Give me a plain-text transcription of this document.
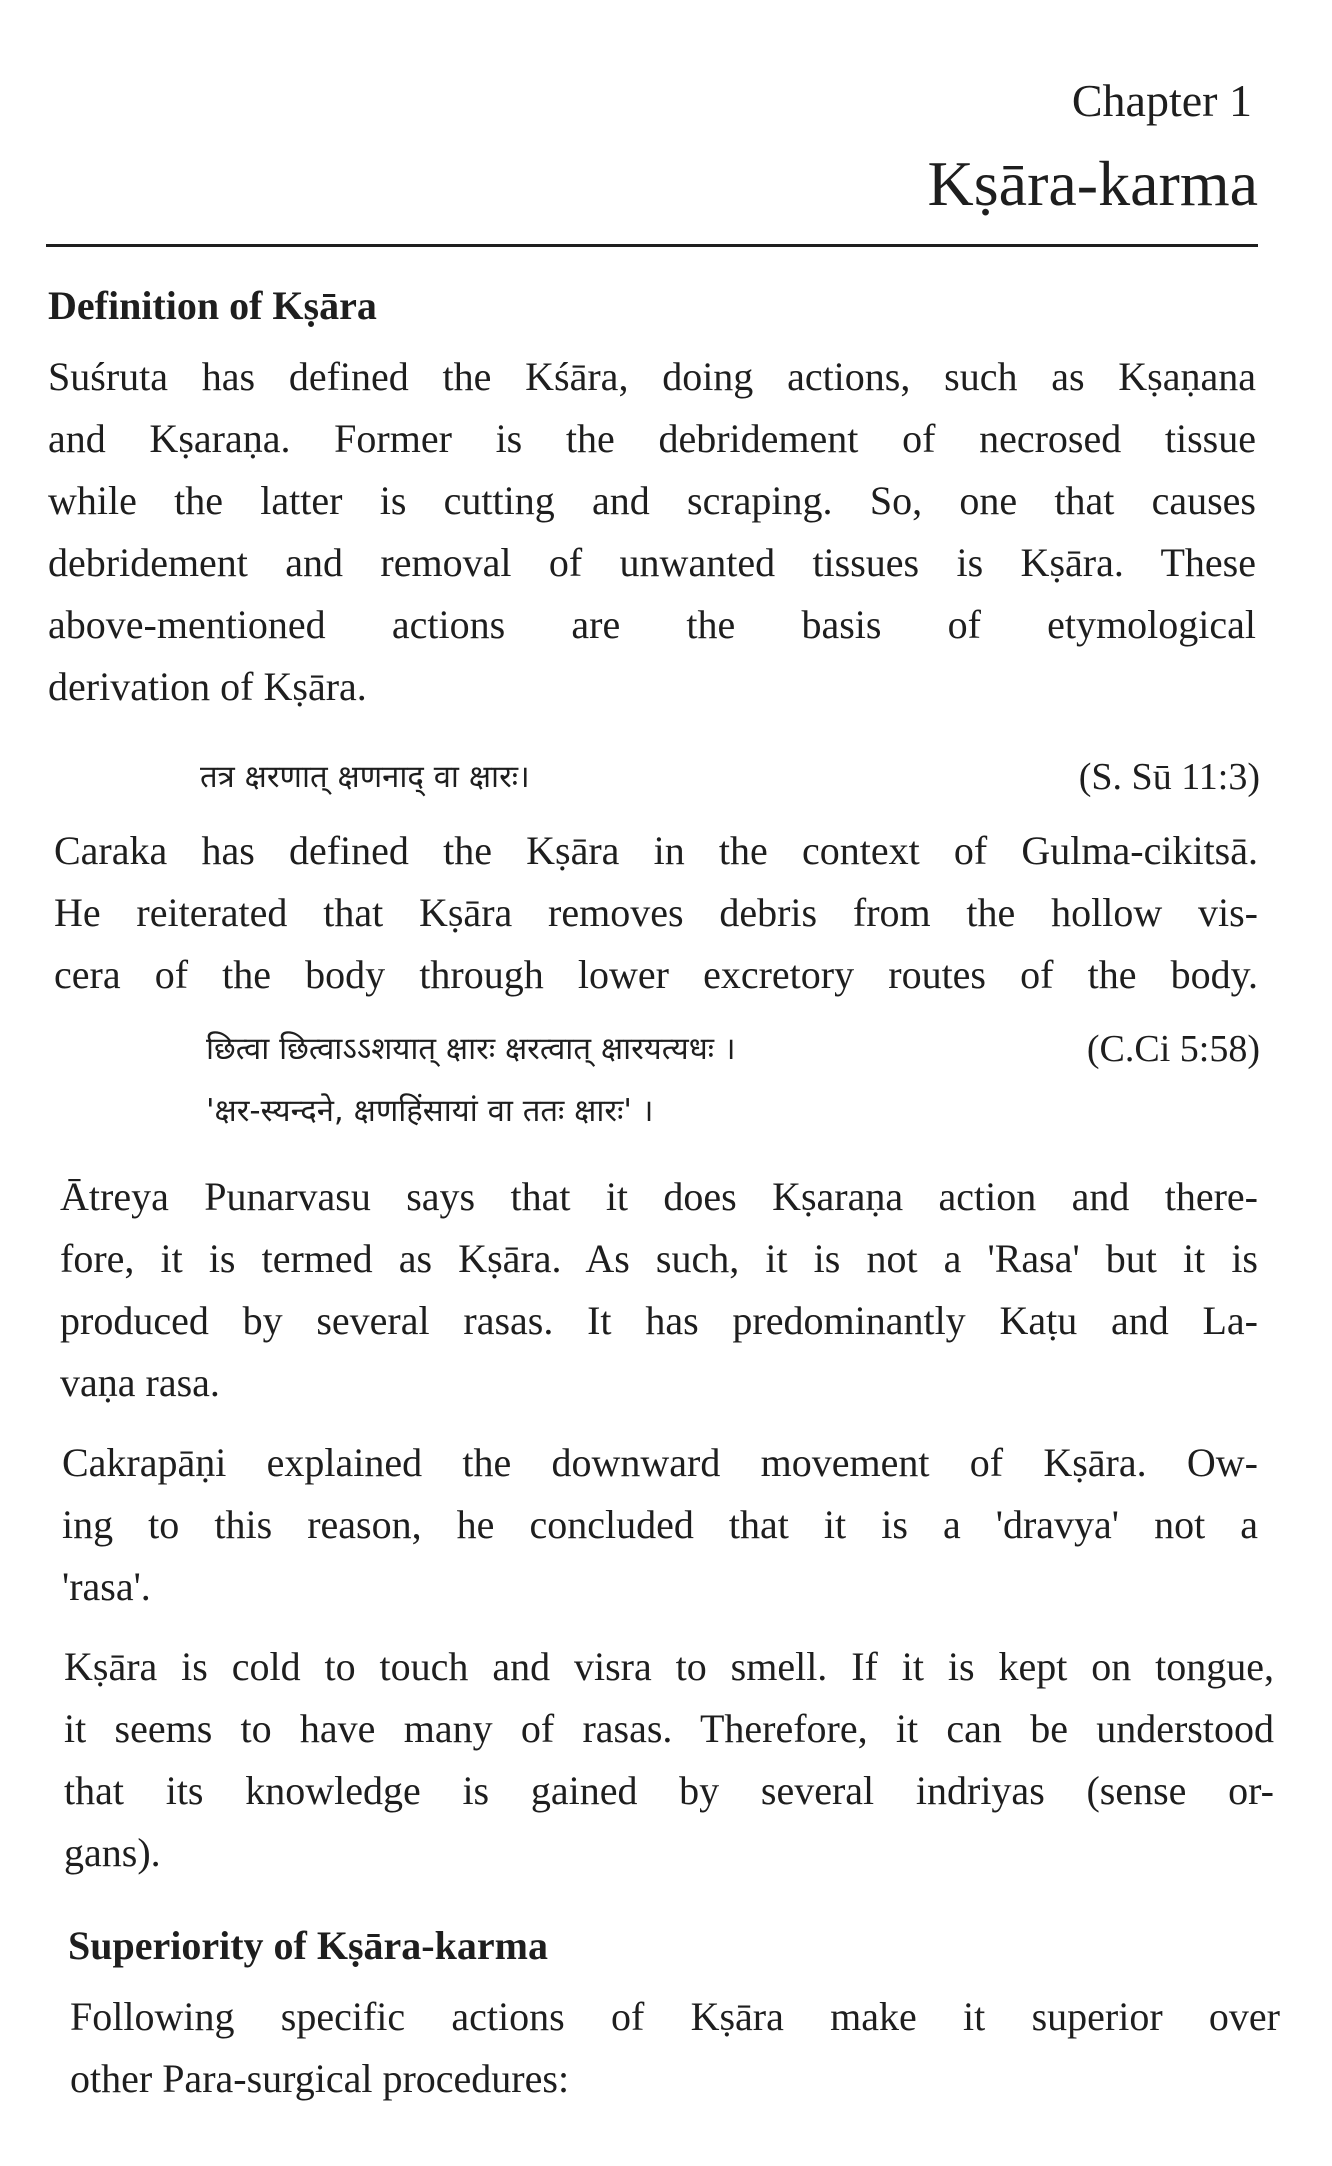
Chapter 1
Kṣāra-karma
Definition of Kṣāra
Suśruta has defined the Kśāra, doing actions, such as Kṣaṇana
and Kṣaraṇa. Former is the debridement of necrosed tissue
while the latter is cutting and scraping. So, one that causes
debridement and removal of unwanted tissues is Kṣāra. These
above-mentioned actions are the basis of etymological
derivation of Kṣāra.
तत्र क्षरणात् क्षणनाद् वा क्षारः।	(S. Sū 11:3)
Caraka has defined the Kṣāra in the context of Gulma-cikitsā.
He reiterated that Kṣāra removes debris from the hollow vis-
cera of the body through lower excretory routes of the body.
छित्वा छित्वाऽऽशयात् क्षारः क्षरत्वात् क्षारयत्यधः ।	(C.Ci 5:58)
'क्षर-स्यन्दने, क्षणहिंसायां वा ततः क्षारः' ।
Ātreya Punarvasu says that it does Kṣaraṇa action and there-
fore, it is termed as Kṣāra. As such, it is not a 'Rasa' but it is
produced by several rasas. It has predominantly Kaṭu and La-
vaṇa rasa.
Cakrapāṇi explained the downward movement of Kṣāra. Ow-
ing to this reason, he concluded that it is a 'dravya' not a
'rasa'.
Kṣāra is cold to touch and visra to smell. If it is kept on tongue,
it seems to have many of rasas. Therefore, it can be understood
that its knowledge is gained by several indriyas (sense or-
gans).
Superiority of Kṣāra-karma
Following specific actions of Kṣāra make it superior over
other Para-surgical procedures:
